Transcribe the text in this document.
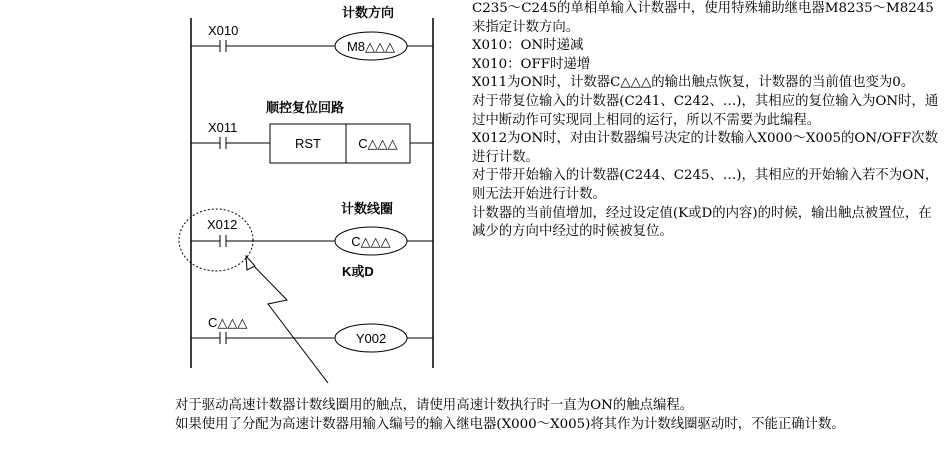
计数方向
X010
M8△△△
顺控复位回路
X011
RST	C△△△
计数线圈
X012
C△△△
K或D
C△△△
Y002

C235～C245的单相单输入计数器中，使用特殊辅助继电器M8235～M8245来指定计数方向。

X010：ON时递减

X010：OFF时递增

X011为ON时，计数器C△△△的输出触点恢复，计数器的当前值也变为0。

对于带复位输入的计数器(C241、C242、…)，其相应的复位输入为ON时，通过中断动作可实现同上相同的运行，所以不需要为此编程。

X012为ON时，对由计数器编号决定的计数输入X000～X005的ON/OFF次数进行计数。

对于带开始输入的计数器(C244、C245、…)，其相应的开始输入若不为ON，则无法开始进行计数。

计数器的当前值增加，经过设定值(K或D的内容)的时候，输出触点被置位，在减少的方向中经过的时候被复位。

对于驱动高速计数器计数线圈用的触点，请使用高速计数执行时一直为ON的触点编程。

如果使用了分配为高速计数器用输入编号的输入继电器(X000～X005)将其作为计数线圈驱动时，不能正确计数。
